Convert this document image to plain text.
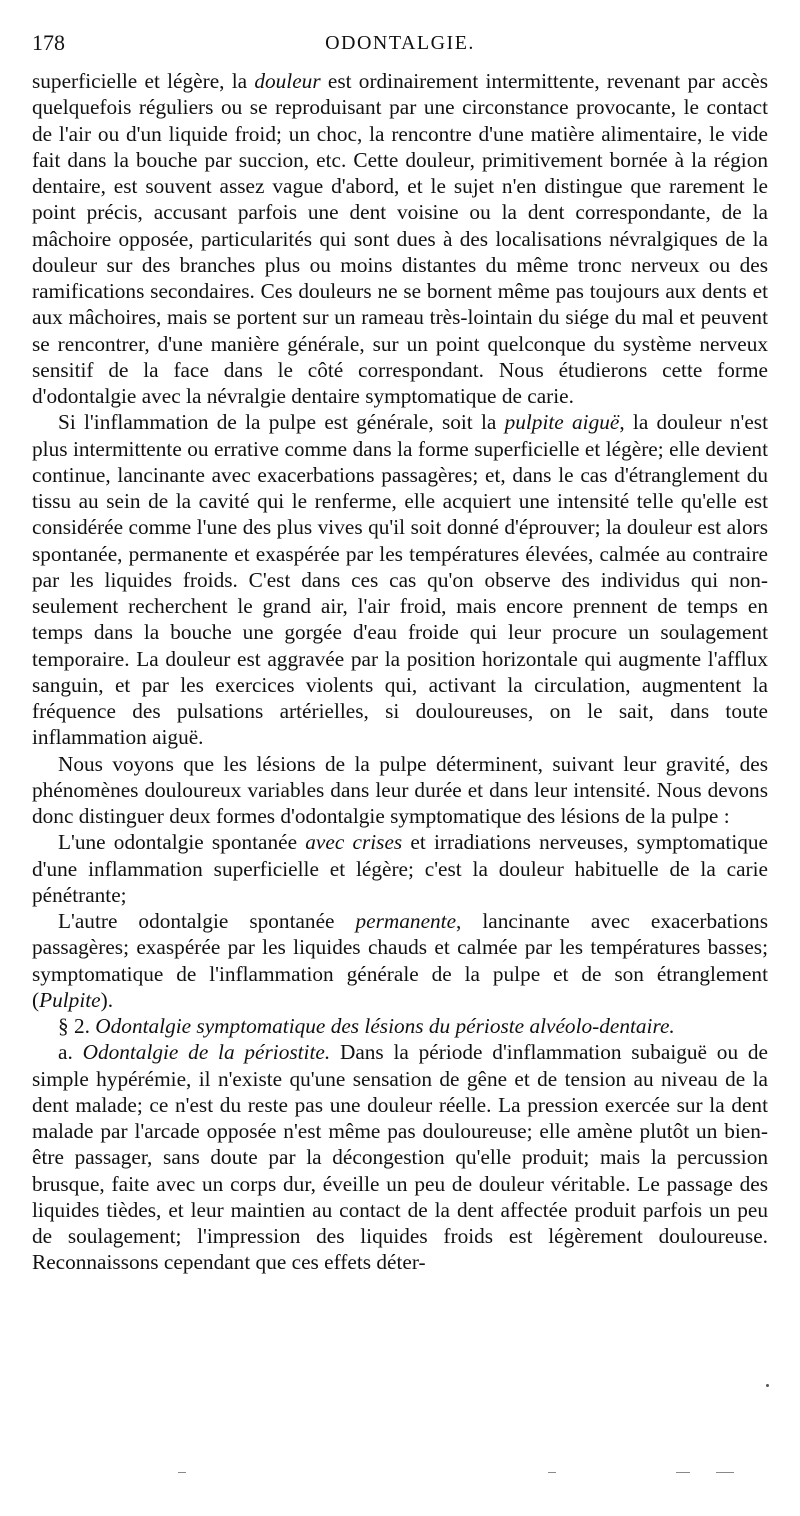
178	ODONTALGIE.

superficielle et légère, la douleur est ordinairement intermittente, revenant par accès quelquefois réguliers ou se reproduisant par une circonstance provocante, le contact de l'air ou d'un liquide froid; un choc, la rencontre d'une matière alimentaire, le vide fait dans la bouche par succion, etc. Cette douleur, primitivement bornée à la région dentaire, est souvent assez vague d'abord, et le sujet n'en distingue que rarement le point précis, accusant parfois une dent voisine ou la dent correspondante, de la mâchoire opposée, particularités qui sont dues à des localisations névralgiques de la douleur sur des branches plus ou moins distantes du même tronc nerveux ou des ramifications secondaires. Ces douleurs ne se bornent même pas toujours aux dents et aux mâchoires, mais se portent sur un rameau très-lointain du siége du mal et peuvent se rencontrer, d'une manière générale, sur un point quelconque du système nerveux sensitif de la face dans le côté correspondant. Nous étudierons cette forme d'odontalgie avec la névralgie dentaire symptomatique de carie.

Si l'inflammation de la pulpe est générale, soit la pulpite aiguë, la douleur n'est plus intermittente ou errative comme dans la forme superficielle et légère; elle devient continue, lancinante avec exacerbations passagères; et, dans le cas d'étranglement du tissu au sein de la cavité qui le renferme, elle acquiert une intensité telle qu'elle est considérée comme l'une des plus vives qu'il soit donné d'éprouver; la douleur est alors spontanée, permanente et exaspérée par les températures élevées, calmée au contraire par les liquides froids. C'est dans ces cas qu'on observe des individus qui non-seulement recherchent le grand air, l'air froid, mais encore prennent de temps en temps dans la bouche une gorgée d'eau froide qui leur procure un soulagement temporaire. La douleur est aggravée par la position horizontale qui augmente l'afflux sanguin, et par les exercices violents qui, activant la circulation, augmentent la fréquence des pulsations artérielles, si douloureuses, on le sait, dans toute inflammation aiguë.

Nous voyons que les lésions de la pulpe déterminent, suivant leur gravité, des phénomènes douloureux variables dans leur durée et dans leur intensité. Nous devons donc distinguer deux formes d'odontalgie symptomatique des lésions de la pulpe :

L'une odontalgie spontanée avec crises et irradiations nerveuses, symptomatique d'une inflammation superficielle et légère; c'est la douleur habituelle de la carie pénétrante;

L'autre odontalgie spontanée permanente, lancinante avec exacerbations passagères; exaspérée par les liquides chauds et calmée par les températures basses; symptomatique de l'inflammation générale de la pulpe et de son étranglement (Pulpite).

§ 2. Odontalgie symptomatique des lésions du périoste alvéolo-dentaire.

a. Odontalgie de la périostite. Dans la période d'inflammation subaiguë ou de simple hypérémie, il n'existe qu'une sensation de gêne et de tension au niveau de la dent malade; ce n'est du reste pas une douleur réelle. La pression exercée sur la dent malade par l'arcade opposée n'est même pas douloureuse; elle amène plutôt un bien-être passager, sans doute par la décongestion qu'elle produit; mais la percussion brusque, faite avec un corps dur, éveille un peu de douleur véritable. Le passage des liquides tièdes, et leur maintien au contact de la dent affectée produit parfois un peu de soulagement; l'impression des liquides froids est légèrement douloureuse. Reconnaissons cependant que ces effets déter-
